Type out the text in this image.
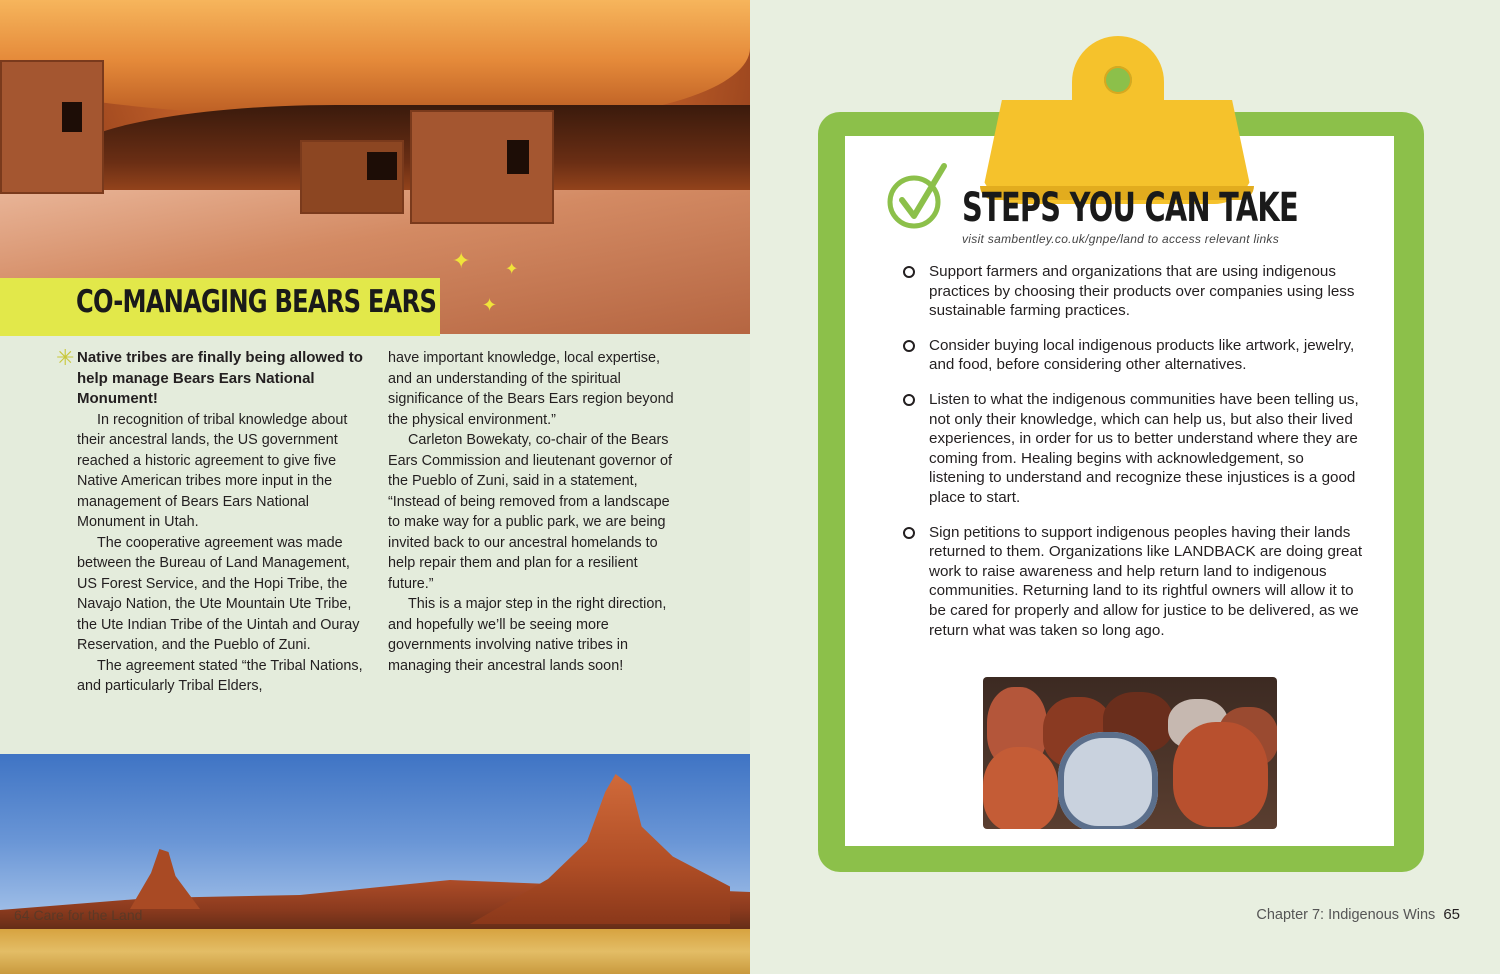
✦ ✦
✦
CO-MANAGING BEARS EARS
✳ Native tribes are finally being allowed to help manage Bears Ears National Monument!

In recognition of tribal knowledge about their ancestral lands, the US government reached a historic agreement to give five Native American tribes more input in the management of Bears Ears National Monument in Utah.

The cooperative agreement was made between the Bureau of Land Management, US Forest Service, and the Hopi Tribe, the Navajo Nation, the Ute Mountain Ute Tribe, the Ute Indian Tribe of the Uintah and Ouray Reservation, and the Pueblo of Zuni.

The agreement stated “the Tribal Nations, and particularly Tribal Elders,

have important knowledge, local expertise, and an understanding of the spiritual significance of the Bears Ears region beyond the physical environment.”

Carleton Bowekaty, co-chair of the Bears Ears Commission and lieutenant governor of the Pueblo of Zuni, said in a statement, “Instead of being removed from a landscape to make way for a public park, we are being invited back to our ancestral homelands to help repair them and plan for a resilient future.”

This is a major step in the right direction, and hopefully we’ll be seeing more governments involving native tribes in managing their ancestral lands soon!

64 Care for the Land
STEPS YOU CAN TAKE
visit sambentley.co.uk/gnpe/land to access relevant links
Support farmers and organizations that are using indigenous practices by choosing their products over companies using less sustainable farming practices.
Consider buying local indigenous products like artwork, jewelry, and food, before considering other alternatives.
Listen to what the indigenous communities have been telling us, not only their knowledge, which can help us, but also their lived experiences, in order for us to better understand where they are coming from. Healing begins with acknowledgement, so listening to understand and recognize these injustices is a good place to start.
Sign petitions to support indigenous peoples having their lands returned to them. Organizations like LANDBACK are doing great work to raise awareness and help return land to indigenous communities. Returning land to its rightful owners will allow it to be cared for properly and allow for justice to be delivered, as we return what was taken so long ago.
Chapter 7: Indigenous Wins 65
